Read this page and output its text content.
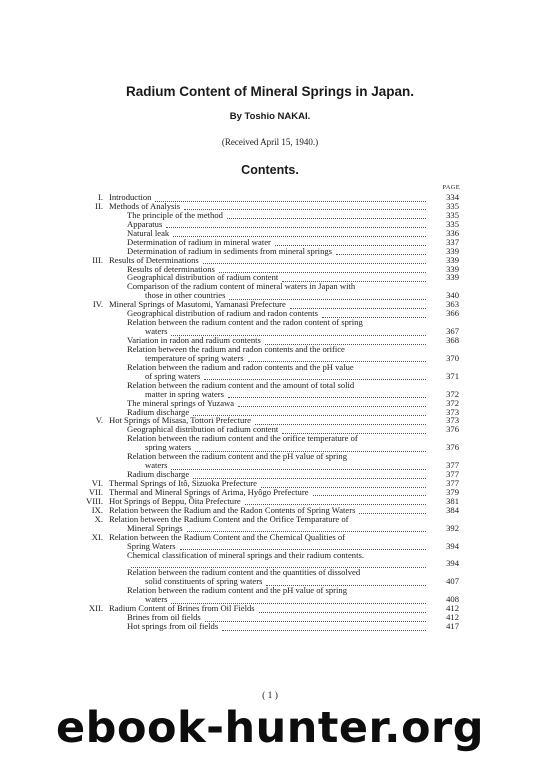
Radium Content of Mineral Springs in Japan.
By Toshio NAKAI.
(Received April 15, 1940.)
Contents.
PAGE
I. Introduction	334
II. Methods of Analysis	335
The principle of the method	335
Apparatus	335
Natural leak	336
Determination of radium in mineral water	337
Determination of radium in sediments from mineral springs	339
III. Results of Determinations	339
Results of determinations	339
Geographical distribution of radium content	339
Comparison of the radium content of mineral waters in Japan with
those in other countries	340
IV. Mineral Springs of Masutomi, Yamanasi Prefecture	363
Geographical distribution of radium and radon contents	366
Relation between the radium content and the radon content of spring
waters	367
Variation in radon and radium contents	368
Relation between the radium and radon contents and the orifice
temperature of spring waters	370
Relation between the radium and radon contents and the pH value
of spring waters	371
Relation between the radium content and the amount of total solid
matter in spring waters	372
The mineral springs of Yuzawa	372
Radium discharge	373
V. Hot Springs of Misasa, Tottori Prefecture	373
Geographical distribution of radium content	376
Relation between the radium content and the orifice temperature of
spring waters	376
Relation between the radium content and the pH value of spring
waters	377
Radium discharge	377
VI. Thermal Springs of Itô, Sizuoka Prefecture	377
VII. Thermal and Mineral Springs of Arima, Hyôgo Prefecture	379
VIII. Hot Springs of Beppu, Ôita Prefecture	381
IX. Relation between the Radium and the Radon Contents of Spring Waters	384
X. Relation between the Radium Content and the Orifice Temparature of
Mineral Springs	392
XI. Relation between the Radium Content and the Chemical Qualities of
Spring Waters	394
Chemical classification of mineral springs and their radium contents.
394
Relation between the radium content and the quantities of dissolved
solid constituents of spring waters	407
Relation between the radium content and the pH value of spring
waters	408
XII. Radium Content of Brines from Oil Fields	412
Brines from oil fields	412
Hot springs from oil fields	417
( 1 )
ebook-hunter.org
